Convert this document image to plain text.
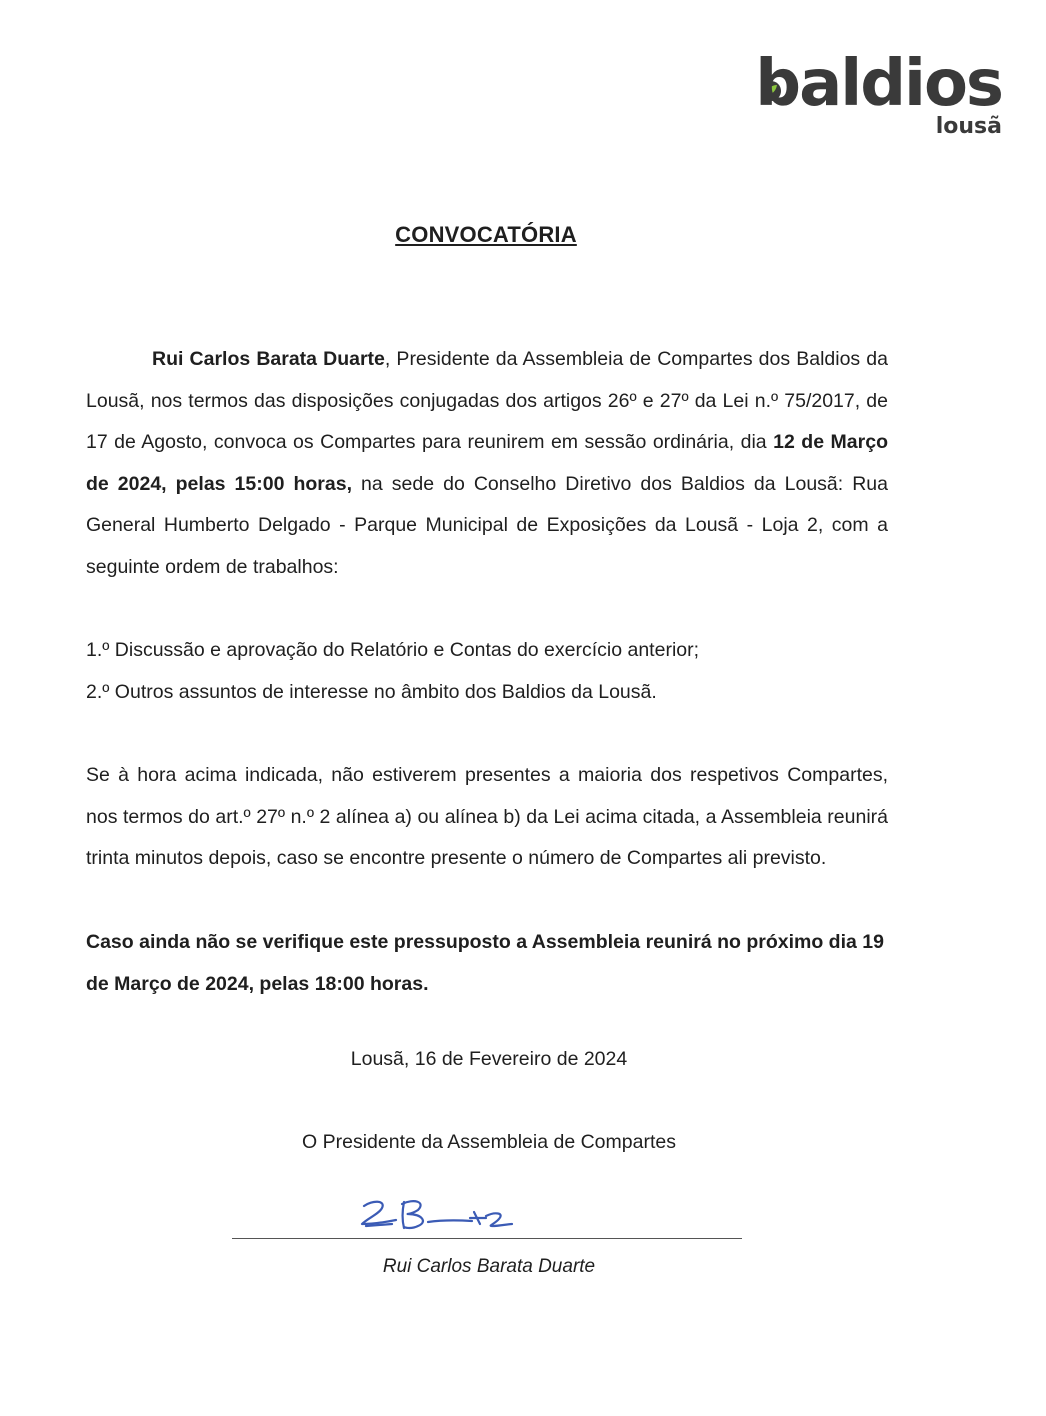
baldios
lousã
CONVOCATÓRIA

Rui Carlos Barata Duarte, Presidente da Assembleia de Compartes dos Baldios da Lousã, nos termos das disposições conjugadas dos artigos 26º e 27º da Lei n.º 75/2017, de 17 de Agosto, convoca os Compartes para reunirem em sessão ordinária, dia 12 de Março de 2024, pelas 15:00 horas, na sede do Conselho Diretivo dos Baldios da Lousã: Rua General Humberto Delgado - Parque Municipal de Exposições da Lousã - Loja 2, com a seguinte ordem de trabalhos:

1.º Discussão e aprovação do Relatório e Contas do exercício anterior;
2.º Outros assuntos de interesse no âmbito dos Baldios da Lousã.

Se à hora acima indicada, não estiverem presentes a maioria dos respetivos Compartes, nos termos do art.º 27º n.º 2 alínea a) ou alínea b) da Lei acima citada, a Assembleia reunirá trinta minutos depois, caso se encontre presente o número de Compartes ali previsto.

Caso ainda não se verifique este pressuposto a Assembleia reunirá no próximo dia 19 de Março de 2024, pelas 18:00 horas.

Lousã, 16 de Fevereiro de 2024
O Presidente da Assembleia de Compartes
Rui Carlos Barata Duarte
